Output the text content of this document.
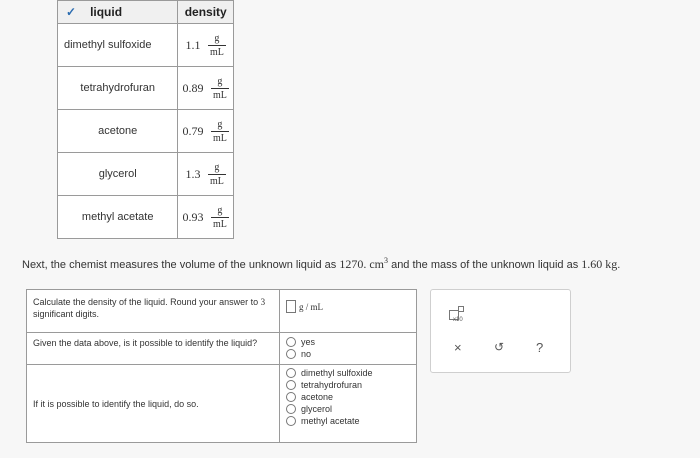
✓ liquid	density
dimethyl sulfoxide	$1.1 \frac{g}{mL}$

tetrahydrofuran	$0.89 \frac{g}{mL}$

acetone	$0.79 \frac{g}{mL}$

glycerol	$1.3 \frac{g}{mL}$

methyl acetate	$0.93 \frac{g}{mL}$
Next, the chemist measures the volume of the unknown liquid as 1270. $cm^3$ and the mass of the unknown liquid as 1.60 kg.
Calculate the density of the liquid. Round your answer to 3 significant digits.	g / mL

Given the data above, is it possible to identify the liquid?	yes
no

If it is possible to identify the liquid, do so.	dimethyl sulfoxide
tetrahydrofuran
acetone
glycerol
methyl acetate
x10
×	↺ ?
